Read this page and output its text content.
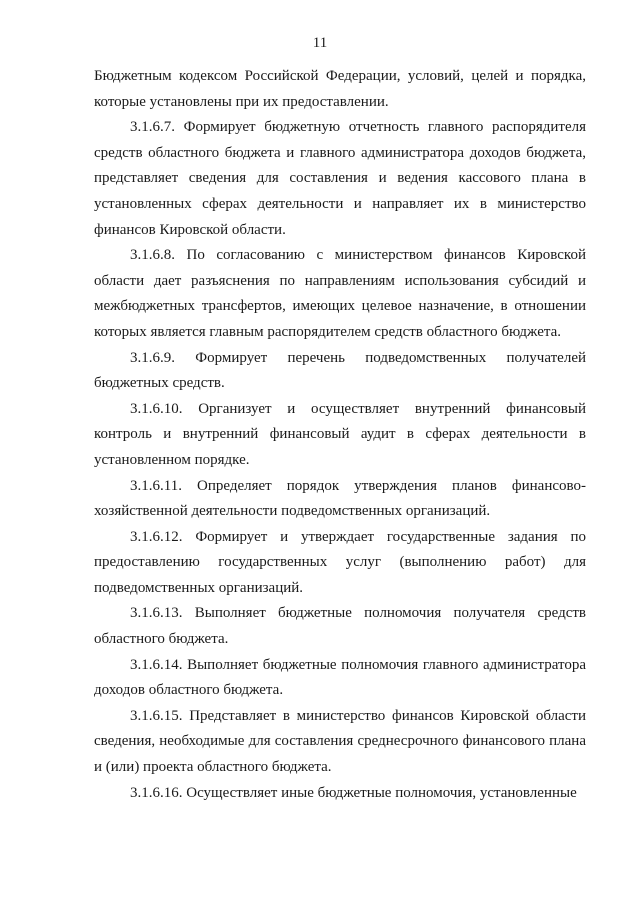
11

Бюджетным кодексом Российской Федерации, условий, целей и порядка, которые установлены при их предоставлении.

3.1.6.7. Формирует бюджетную отчетность главного распорядителя средств областного бюджета и главного администратора доходов бюджета, представляет сведения для составления и ведения кассового плана в установленных сферах деятельности и направляет их в министерство финансов Кировской области.

3.1.6.8. По согласованию с министерством финансов Кировской области дает разъяснения по направлениям использования субсидий и межбюджетных трансфертов, имеющих целевое назначение, в отношении которых является главным распорядителем средств областного бюджета.

3.1.6.9. Формирует перечень подведомственных получателей бюджетных средств.

3.1.6.10. Организует и осуществляет внутренний финансовый контроль и внутренний финансовый аудит в сферах деятельности в установленном порядке.

3.1.6.11. Определяет порядок утверждения планов финансово-хозяйственной деятельности подведомственных организаций.

3.1.6.12. Формирует и утверждает государственные задания по предоставлению государственных услуг (выполнению работ) для подведомственных организаций.

3.1.6.13. Выполняет бюджетные полномочия получателя средств областного бюджета.

3.1.6.14. Выполняет бюджетные полномочия главного администратора доходов областного бюджета.

3.1.6.15. Представляет в министерство финансов Кировской области сведения, необходимые для составления среднесрочного финансового плана и (или) проекта областного бюджета.

3.1.6.16. Осуществляет иные бюджетные полномочия, установленные
